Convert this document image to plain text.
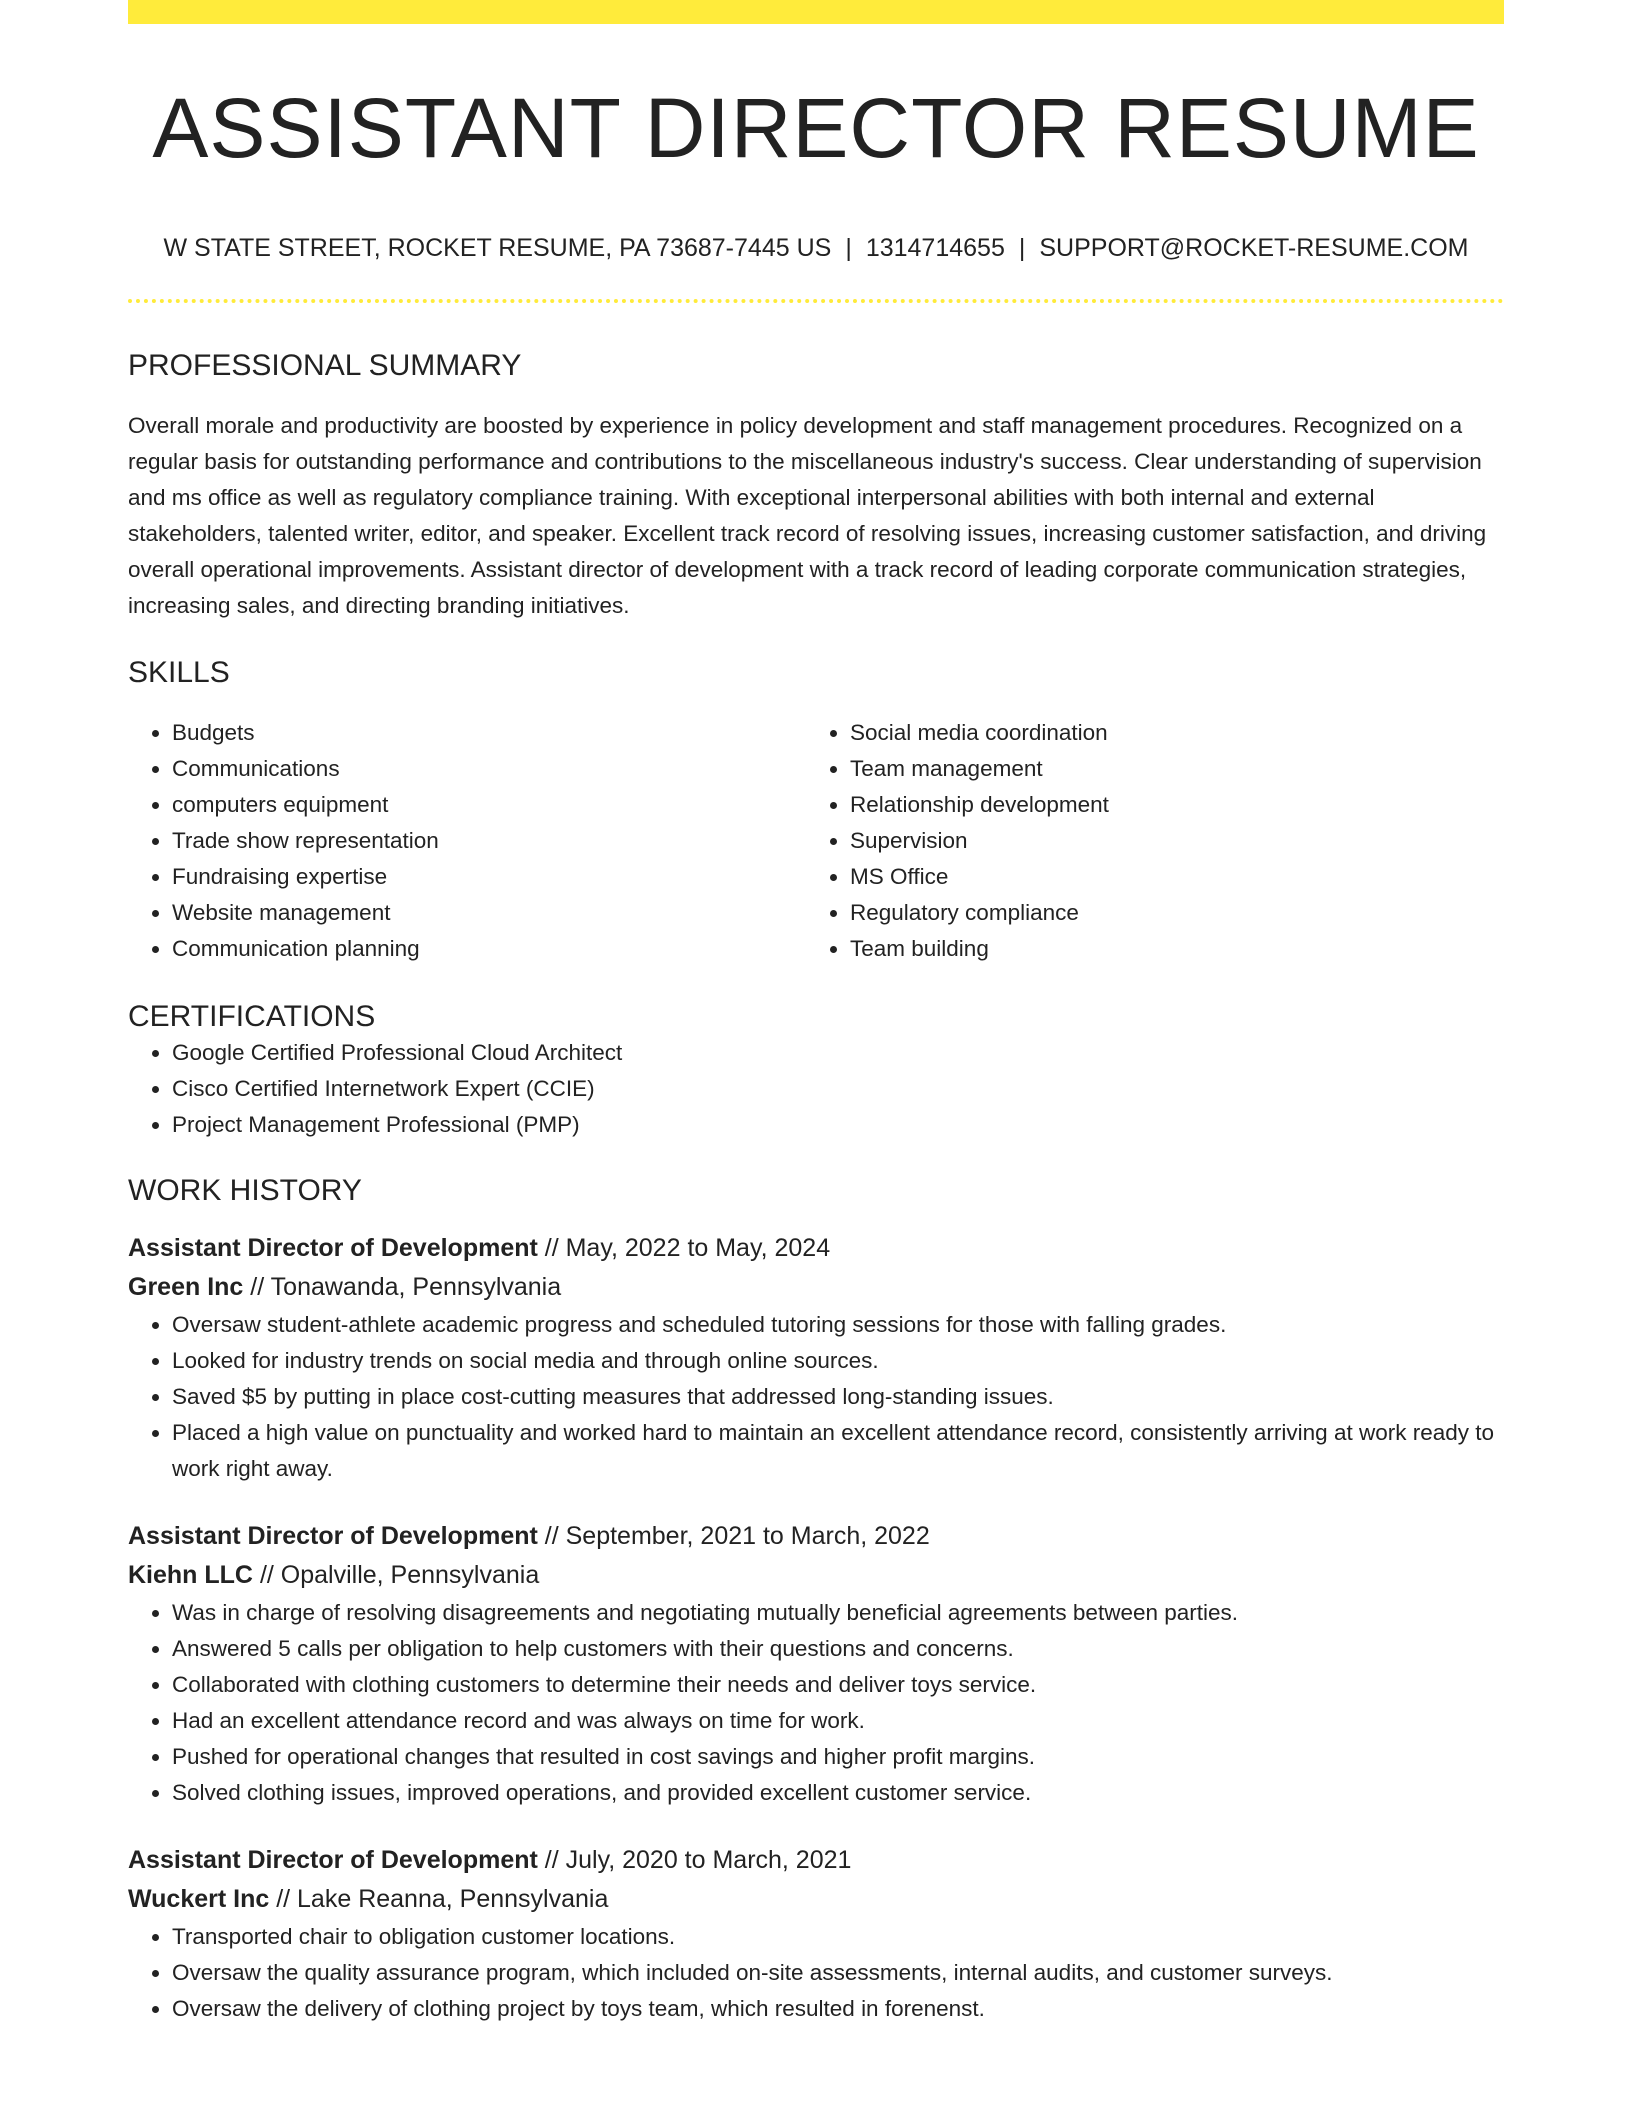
ASSISTANT DIRECTOR RESUME
W STATE STREET, ROCKET RESUME, PA 73687-7445 US | 1314714655 | SUPPORT@ROCKET-RESUME.COM
PROFESSIONAL SUMMARY
Overall morale and productivity are boosted by experience in policy development and staff management procedures. Recognized on a regular basis for outstanding performance and contributions to the miscellaneous industry's success. Clear understanding of supervision and ms office as well as regulatory compliance training. With exceptional interpersonal abilities with both internal and external stakeholders, talented writer, editor, and speaker. Excellent track record of resolving issues, increasing customer satisfaction, and driving overall operational improvements. Assistant director of development with a track record of leading corporate communication strategies, increasing sales, and directing branding initiatives.
SKILLS
• Budgets
• Communications
• computers equipment
• Trade show representation
• Fundraising expertise
• Website management
• Communication planning
• Social media coordination
• Team management
• Relationship development
• Supervision
• MS Office
• Regulatory compliance
• Team building
CERTIFICATIONS
• Google Certified Professional Cloud Architect
• Cisco Certified Internetwork Expert (CCIE)
• Project Management Professional (PMP)
WORK HISTORY
Assistant Director of Development // May, 2022 to May, 2024
Green Inc // Tonawanda, Pennsylvania
• Oversaw student-athlete academic progress and scheduled tutoring sessions for those with falling grades.
• Looked for industry trends on social media and through online sources.
• Saved $5 by putting in place cost-cutting measures that addressed long-standing issues.
• Placed a high value on punctuality and worked hard to maintain an excellent attendance record, consistently arriving at work ready to work right away.
Assistant Director of Development // September, 2021 to March, 2022
Kiehn LLC // Opalville, Pennsylvania
• Was in charge of resolving disagreements and negotiating mutually beneficial agreements between parties.
• Answered 5 calls per obligation to help customers with their questions and concerns.
• Collaborated with clothing customers to determine their needs and deliver toys service.
• Had an excellent attendance record and was always on time for work.
• Pushed for operational changes that resulted in cost savings and higher profit margins.
• Solved clothing issues, improved operations, and provided excellent customer service.
Assistant Director of Development // July, 2020 to March, 2021
Wuckert Inc // Lake Reanna, Pennsylvania
• Transported chair to obligation customer locations.
• Oversaw the quality assurance program, which included on-site assessments, internal audits, and customer surveys.
• Oversaw the delivery of clothing project by toys team, which resulted in forenenst.
